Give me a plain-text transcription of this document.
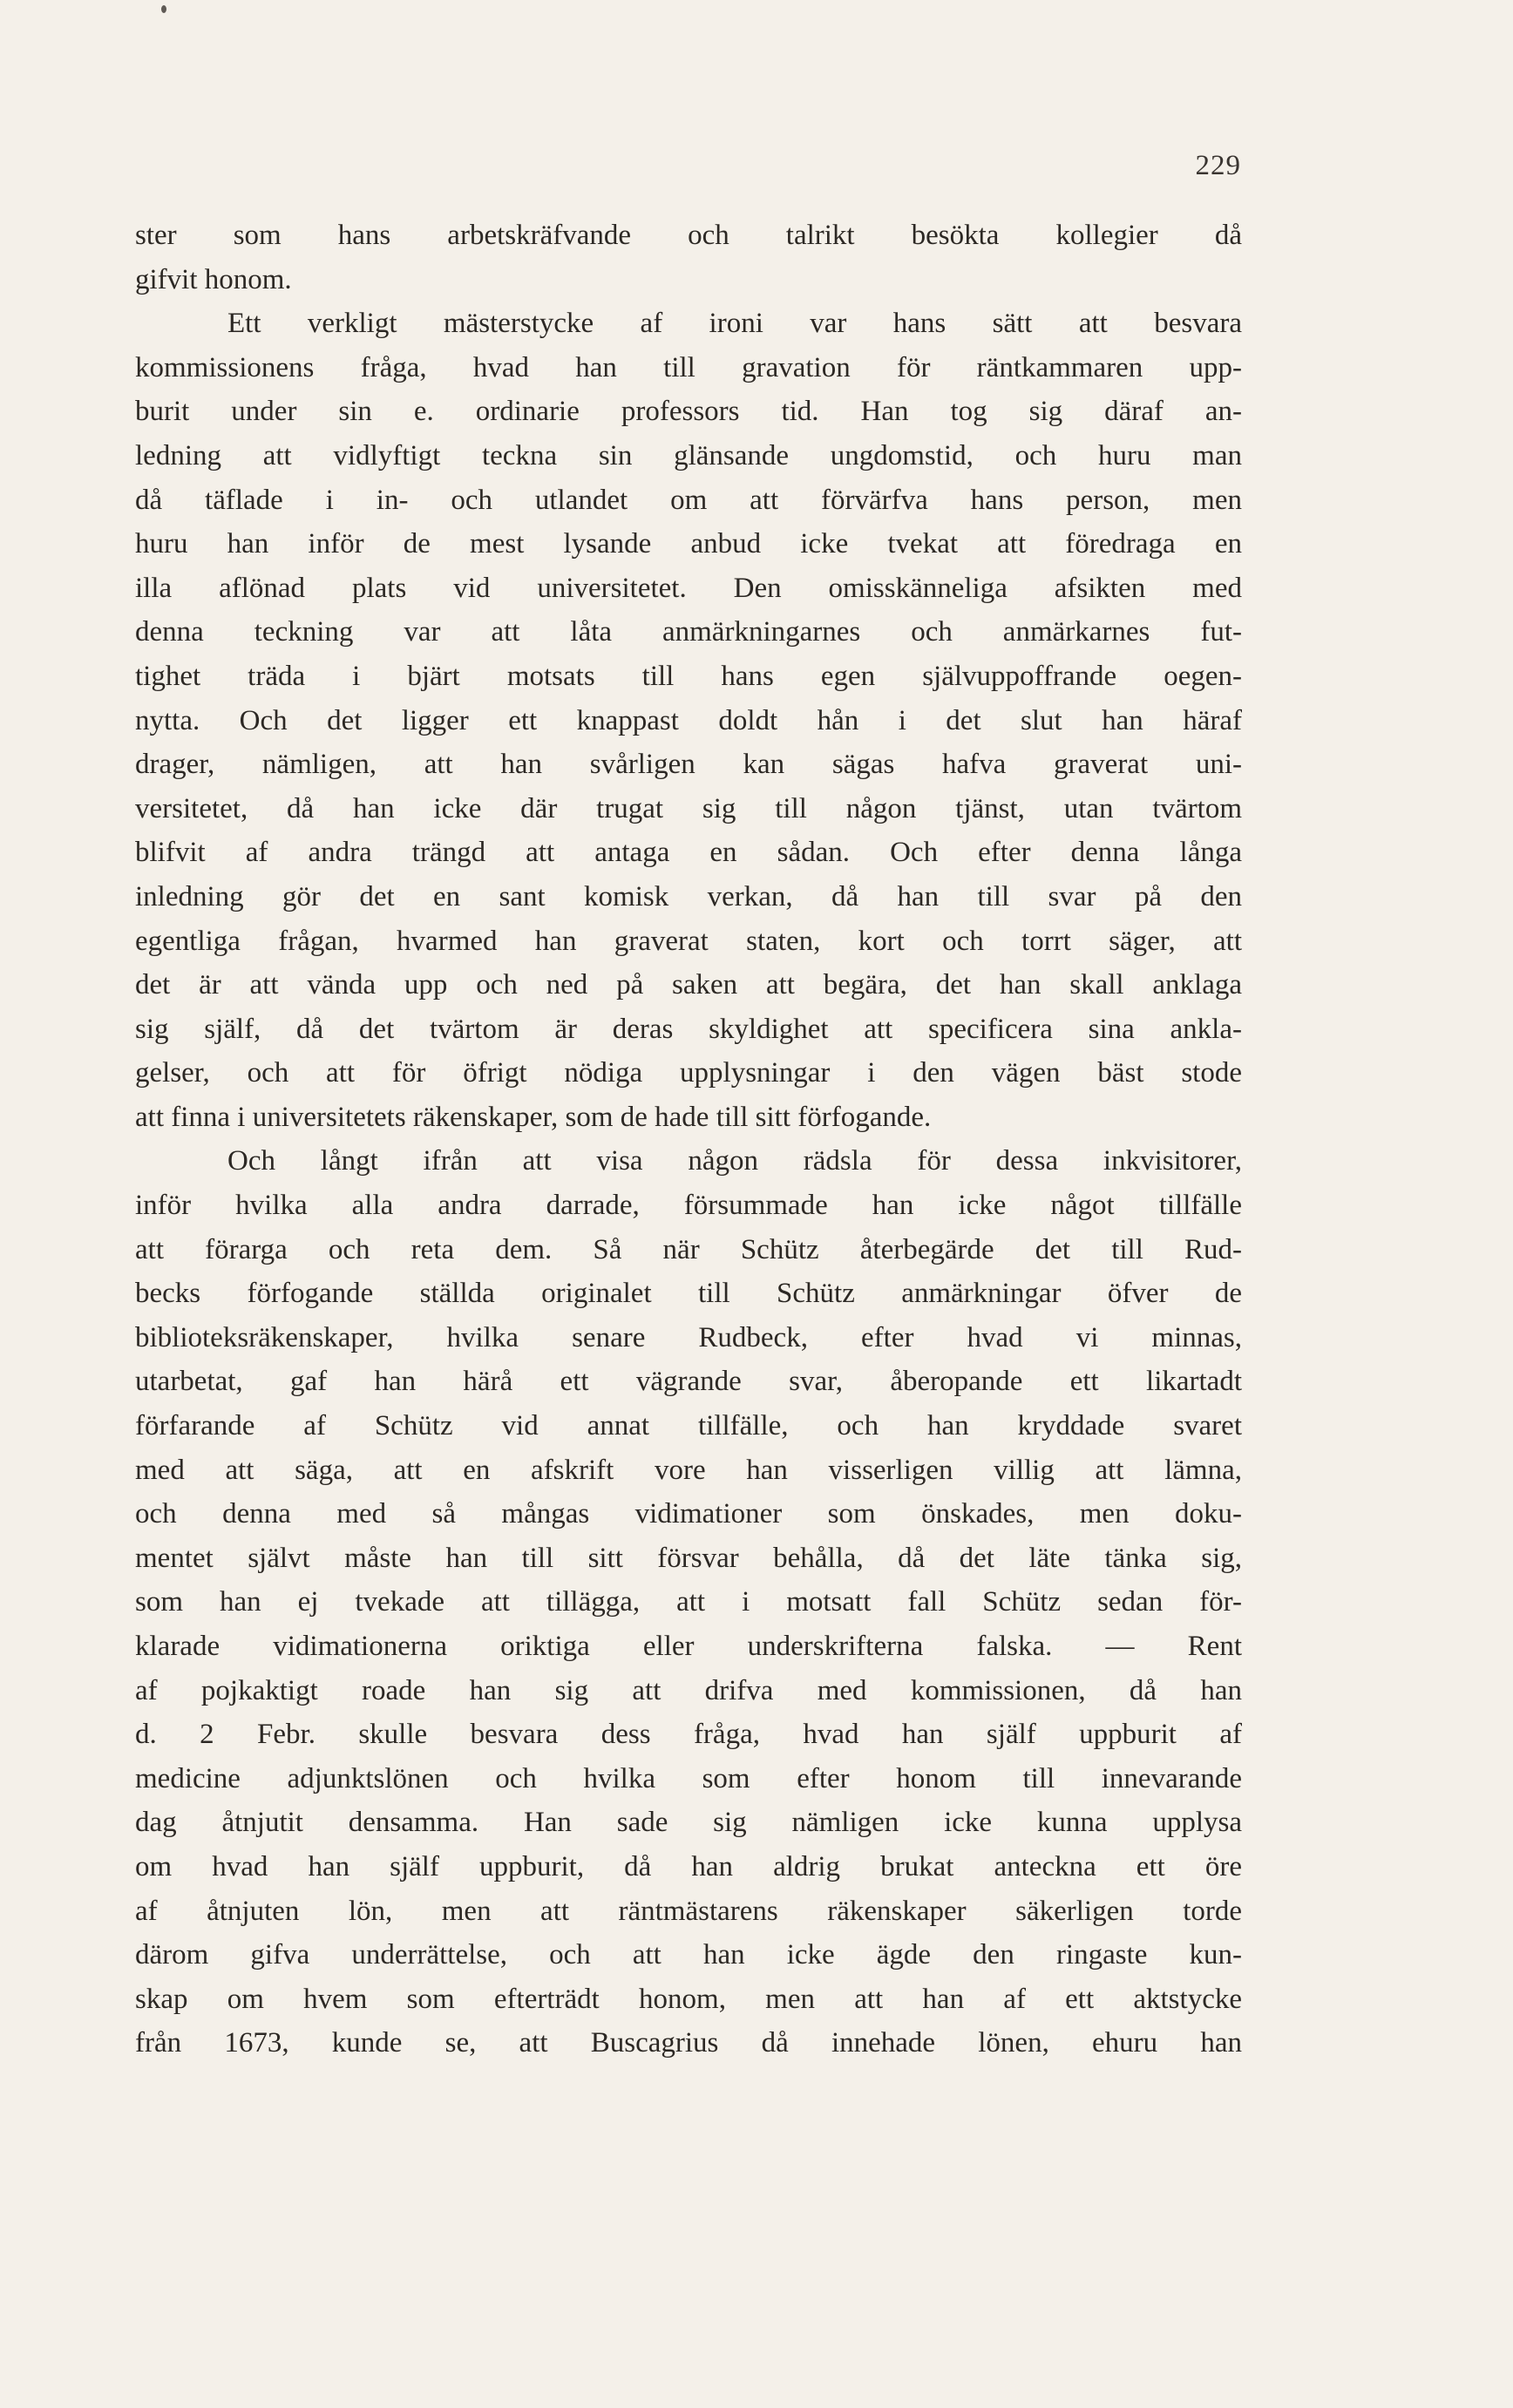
229
ster som hans arbetskräfvande och talrikt besökta kollegier då
gifvit honom.
Ett verkligt mästerstycke af ironi var hans sätt att besvara
kommissionens fråga, hvad han till gravation för räntkammaren upp-
burit under sin e. ordinarie professors tid. Han tog sig däraf an-
ledning att vidlyftigt teckna sin glänsande ungdomstid, och huru man
då täflade i in- och utlandet om att förvärfva hans person, men
huru han inför de mest lysande anbud icke tvekat att föredraga en
illa aflönad plats vid universitetet. Den omisskänneliga afsikten med
denna teckning var att låta anmärkningarnes och anmärkarnes fut-
tighet träda i bjärt motsats till hans egen självuppoffrande oegen-
nytta. Och det ligger ett knappast doldt hån i det slut han häraf
drager, nämligen, att han svårligen kan sägas hafva graverat uni-
versitetet, då han icke där trugat sig till någon tjänst, utan tvärtom
blifvit af andra trängd att antaga en sådan. Och efter denna långa
inledning gör det en sant komisk verkan, då han till svar på den
egentliga frågan, hvarmed han graverat staten, kort och torrt säger, att
det är att vända upp och ned på saken att begära, det han skall anklaga
sig själf, då det tvärtom är deras skyldighet att specificera sina ankla-
gelser, och att för öfrigt nödiga upplysningar i den vägen bäst stode
att finna i universitetets räkenskaper, som de hade till sitt förfogande.
Och långt ifrån att visa någon rädsla för dessa inkvisitorer,
inför hvilka alla andra darrade, försummade han icke något tillfälle
att förarga och reta dem. Så när Schütz återbegärde det till Rud-
becks förfogande ställda originalet till Schütz anmärkningar öfver de
biblioteksräkenskaper, hvilka senare Rudbeck, efter hvad vi minnas,
utarbetat, gaf han härå ett vägrande svar, åberopande ett likartadt
förfarande af Schütz vid annat tillfälle, och han kryddade svaret
med att säga, att en afskrift vore han visserligen villig att lämna,
och denna med så mångas vidimationer som önskades, men doku-
mentet självt måste han till sitt försvar behålla, då det läte tänka sig,
som han ej tvekade att tillägga, att i motsatt fall Schütz sedan för-
klarade vidimationerna oriktiga eller underskrifterna falska. — Rent
af pojkaktigt roade han sig att drifva med kommissionen, då han
d. 2 Febr. skulle besvara dess fråga, hvad han själf uppburit af
medicine adjunktslönen och hvilka som efter honom till innevarande
dag åtnjutit densamma. Han sade sig nämligen icke kunna upplysa
om hvad han själf uppburit, då han aldrig brukat anteckna ett öre
af åtnjuten lön, men att räntmästarens räkenskaper säkerligen torde
därom gifva underrättelse, och att han icke ägde den ringaste kun-
skap om hvem som efterträdt honom, men att han af ett aktstycke
från 1673, kunde se, att Buscagrius då innehade lönen, ehuru han
